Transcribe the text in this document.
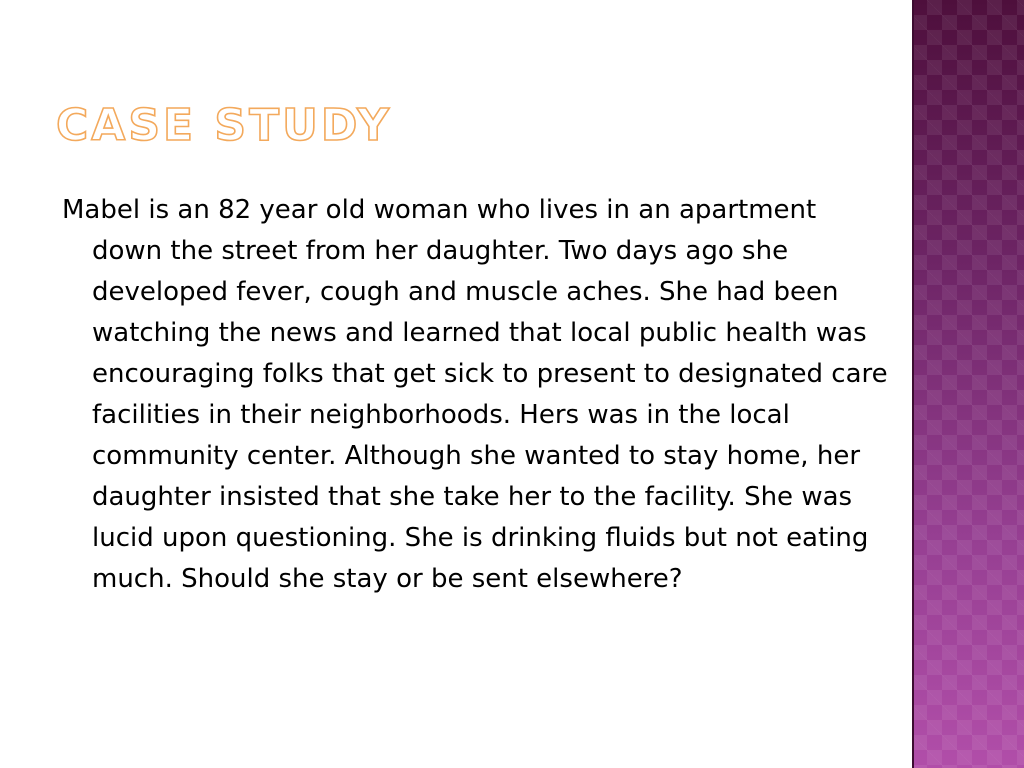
CASE STUDY

Mabel is an 82 year old woman who lives in an apartment down the street from her daughter. Two days ago she developed fever, cough and muscle aches. She had been watching the news and learned that local public health was encouraging folks that get sick to present to designated care facilities in their neighborhoods. Hers was in the local community center. Although she wanted to stay home, her daughter insisted that she take her to the facility. She was lucid upon questioning. She is drinking fluids but not eating much. Should she stay or be sent elsewhere?
